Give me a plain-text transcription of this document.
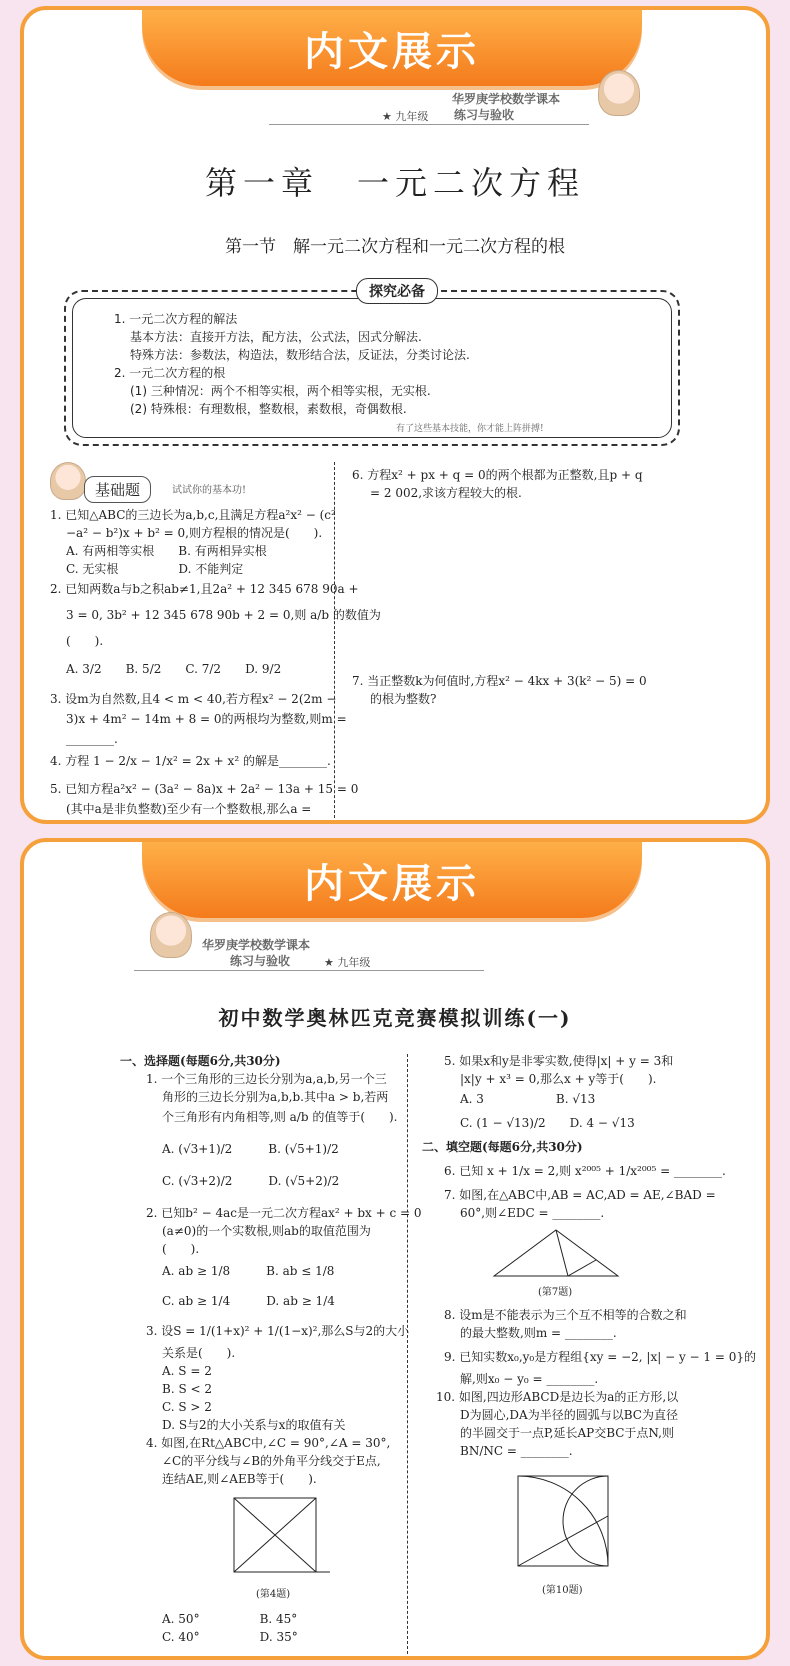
内文展示
华罗庚学校数学课本
★ 九年级 练习与验收
第一章　一元二次方程
第一节　解一元二次方程和一元二次方程的根
探究必备
1. 一元二次方程的解法
基本方法：直接开方法，配方法，公式法，因式分解法.
特殊方法：参数法，构造法，数形结合法，反证法，分类讨论法.
2. 一元二次方程的根
(1) 三种情况：两个不相等实根，两个相等实根，无实根.
(2) 特殊根：有理数根，整数根，素数根，奇偶数根.
有了这些基本技能，你才能上阵拼搏!
基础题	试试你的基本功!
1. 已知△ABC的三边长为a,b,c,且满足方程a²x² − (c²
−a² − b²)x + b² = 0,则方程根的情况是(　　).
A. 有两相等实根　　B. 有两相异实根
C. 无实根　　　　　D. 不能判定
2. 已知两数a与b之积ab≠1,且2a² + 12 345 678 90a +
3 = 0, 3b² + 12 345 678 90b + 2 = 0,则 a/b 的数值为
(　　).
A. 3/2　　B. 5/2　　C. 7/2　　D. 9/2
3. 设m为自然数,且4 < m < 40,若方程x² − 2(2m −
3)x + 4m² − 14m + 8 = 0的两根均为整数,则m =
________.
4. 方程 1 − 2/x − 1/x² = 2x + x² 的解是________.
5. 已知方程a²x² − (3a² − 8a)x + 2a² − 13a + 15 = 0
(其中a是非负整数)至少有一个整数根,那么a =
6. 方程x² + px + q = 0的两个根都为正整数,且p + q
= 2 002,求该方程较大的根.
7. 当正整数k为何值时,方程x² − 4kx + 3(k² − 5) = 0
的根为整数?
内文展示
华罗庚学校数学课本
练习与验收	★ 九年级
初中数学奥林匹克竞赛模拟训练(一)
一、选择题(每题6分,共30分)
1. 一个三角形的三边长分别为a,a,b,另一个三
角形的三边长分别为a,b,b.其中a > b,若两
个三角形有内角相等,则 a/b 的值等于(　　).
A. (√3+1)/2　　　B. (√5+1)/2
C. (√3+2)/2　　　D. (√5+2)/2
2. 已知b² − 4ac是一元二次方程ax² + bx + c = 0
(a≠0)的一个实数根,则ab的取值范围为
(　　).
A. ab ≥ 1/8　　　B. ab ≤ 1/8
C. ab ≥ 1/4　　　D. ab ≥ 1/4
3. 设S = 1/(1+x)² + 1/(1−x)²,那么S与2的大小
关系是(　　).
A. S = 2
B. S < 2
C. S > 2
D. S与2的大小关系与x的取值有关
4. 如图,在Rt△ABC中,∠C = 90°,∠A = 30°,
∠C的平分线与∠B的外角平分线交于E点,
连结AE,则∠AEB等于(　　).
(第4题)
A. 50°　　　　　B. 45°
C. 40°　　　　　D. 35°
5. 如果x和y是非零实数,使得|x| + y = 3和
|x|y + x³ = 0,那么x + y等于(　　).
A. 3　　　　　　B. √13
C. (1 − √13)/2　　D. 4 − √13
二、填空题(每题6分,共30分)
6. 已知 x + 1/x = 2,则 x²⁰⁰⁵ + 1/x²⁰⁰⁵ = ________.
7. 如图,在△ABC中,AB = AC,AD = AE,∠BAD =
60°,则∠EDC = ________.
(第7题)
8. 设m是不能表示为三个互不相等的合数之和
的最大整数,则m = ________.
9. 已知实数x₀,y₀是方程组{xy = −2, |x| − y − 1 = 0}的
解,则x₀ − y₀ = ________.
10. 如图,四边形ABCD是边长为a的正方形,以
D为圆心,DA为半径的圆弧与以BC为直径
的半圆交于一点P,延长AP交BC于点N,则
BN/NC = ________.
(第10题)
